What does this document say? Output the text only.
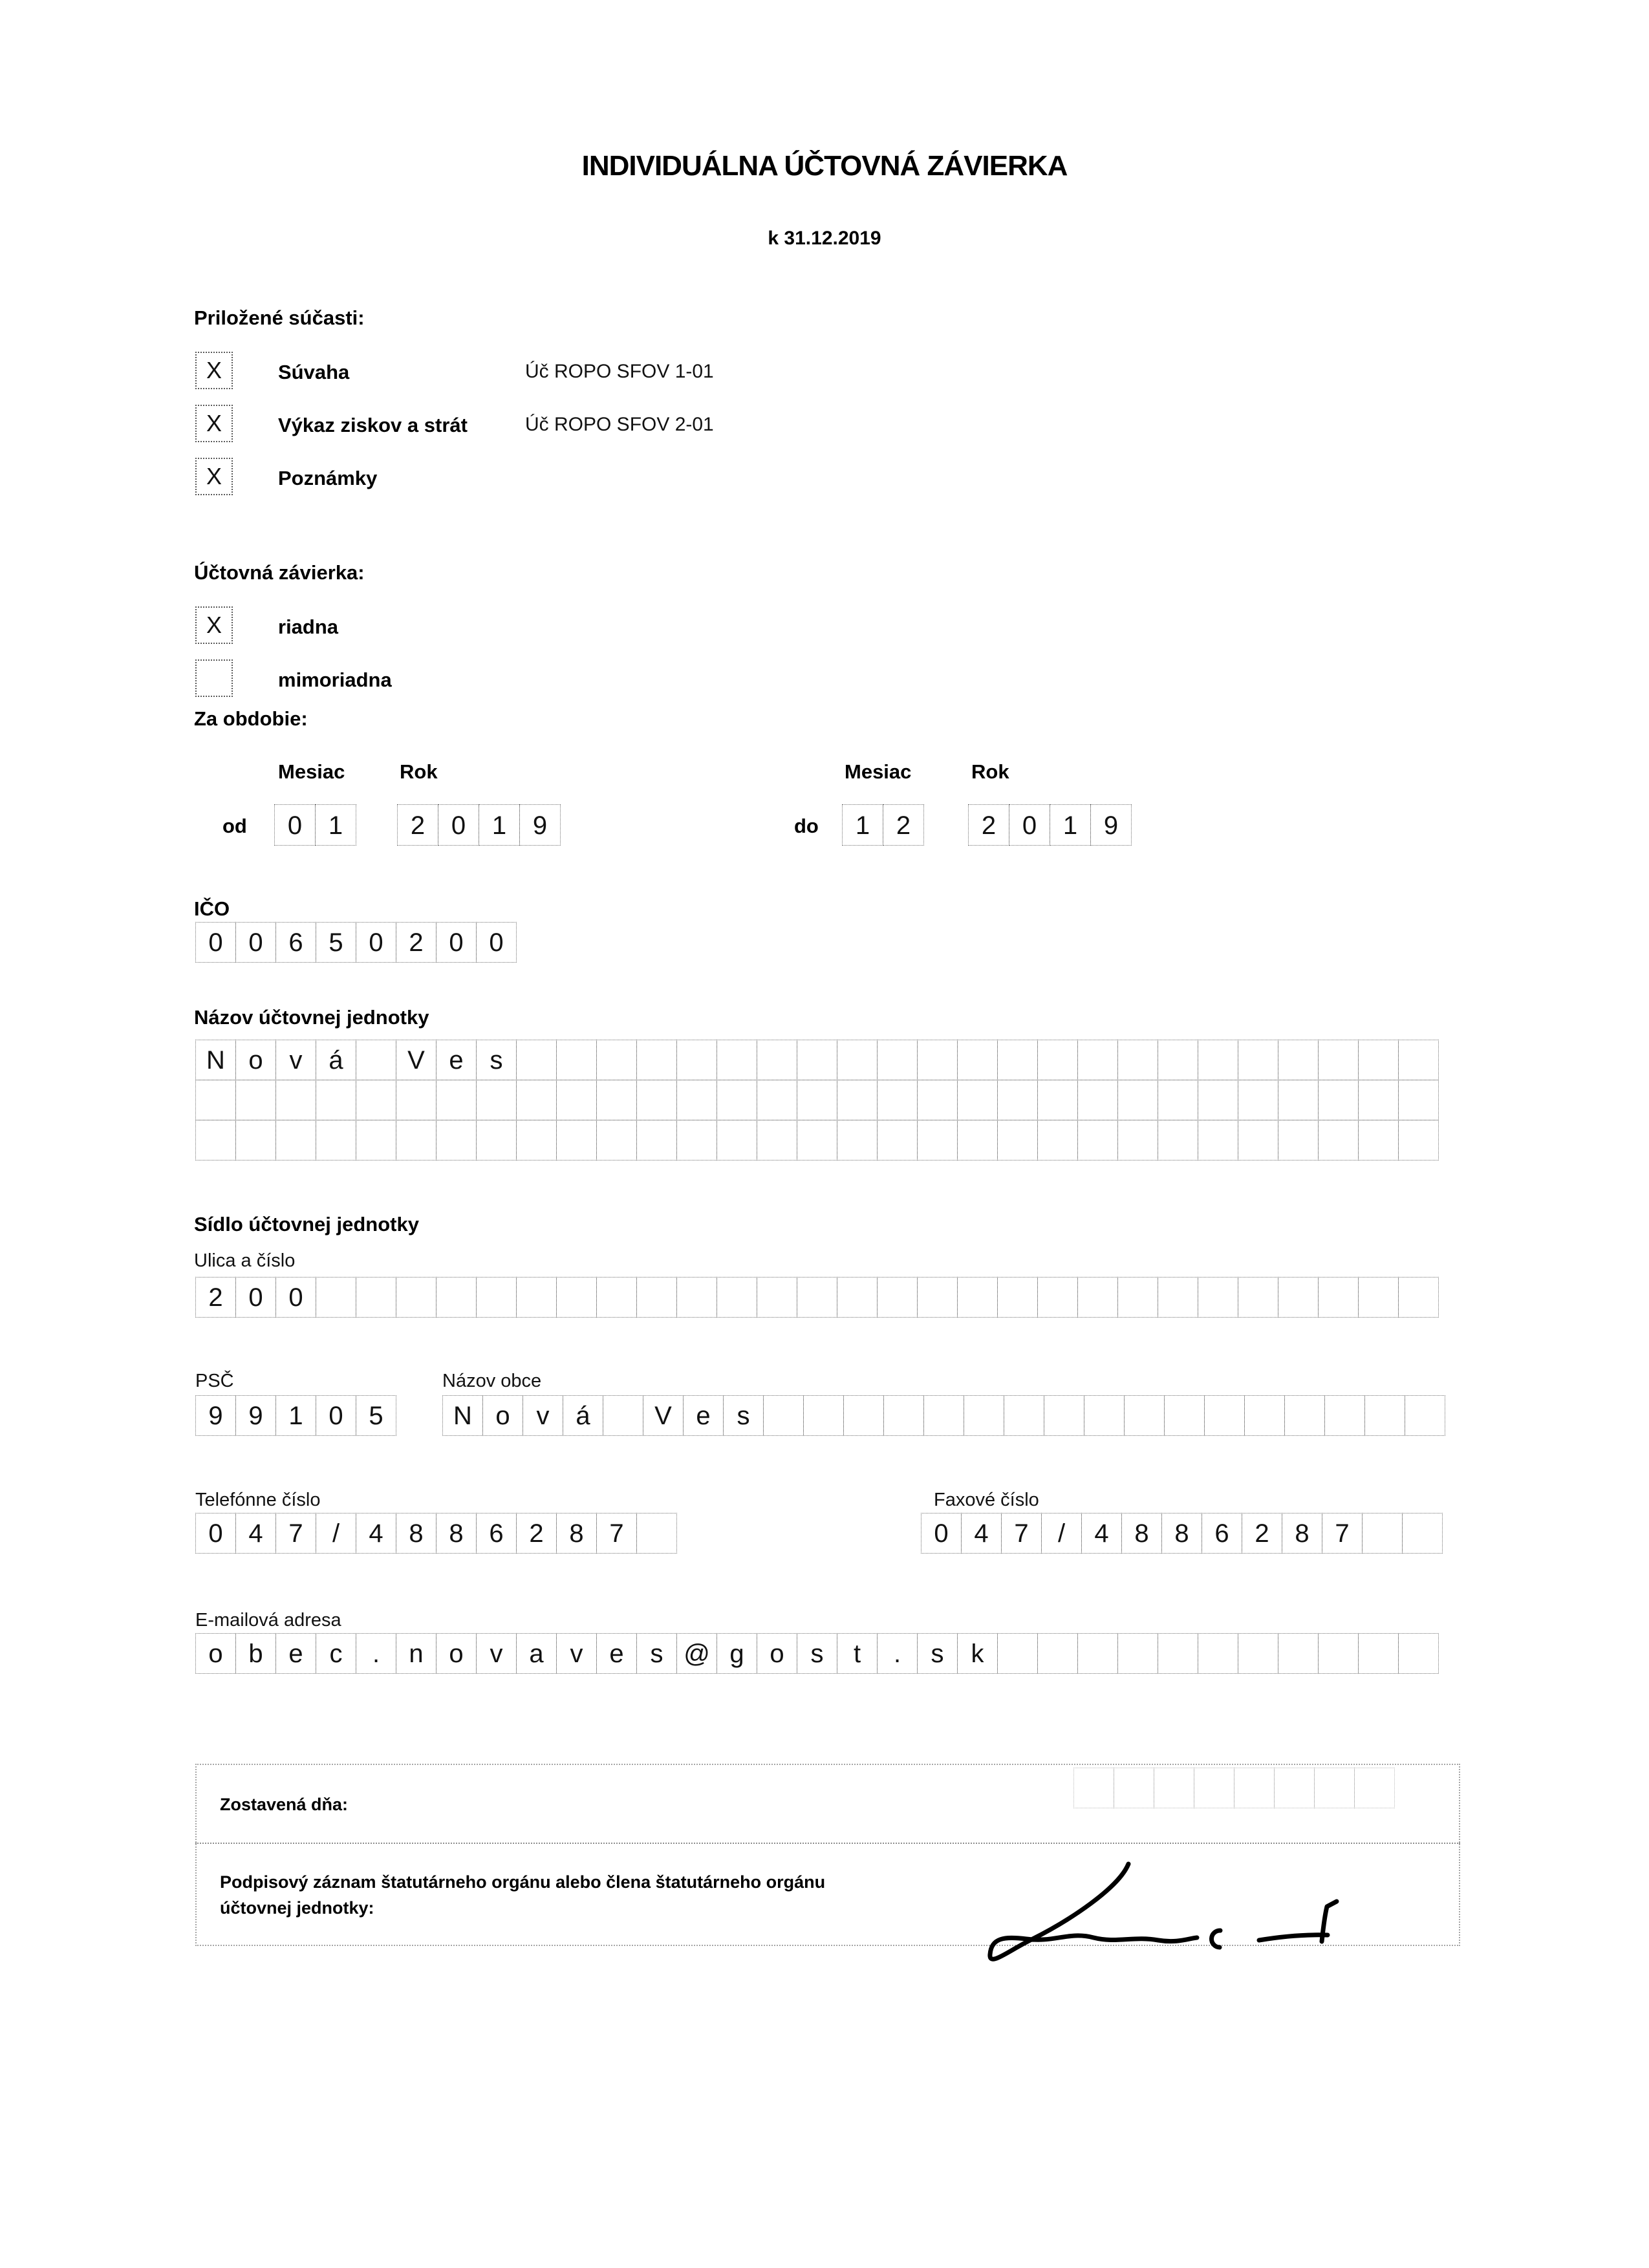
INDIVIDUÁLNA ÚČTOVNÁ ZÁVIERKA
k 31.12.2019
Priložené súčasti:
X	Súvaha	Úč ROPO SFOV 1-01
X	Výkaz ziskov a strát	Úč ROPO SFOV 2-01
X	Poznámky
Účtovná závierka:
X	riadna
mimoriadna
Za obdobie:
Mesiac	Rok	Mesiac	Rok
od	0	1	2	0	1	9	do	1	2	2	0	1	9
IČO
0 0 6 5 0 2 0 0
Názov účtovnej jednotky
N o	v	á	V e	s
Sídlo účtovnej jednotky
Ulica a číslo
2 0 0
PSČ	Názov obce
9 9 1 0 5	N o	v	á	V e	s
Telefónne číslo	Faxové číslo
0 4 7	/	4 8 8 6 2 8 7	0 4 7	/	4 8 8 6 2 8 7
E-mailová adresa
o b e	c	.	n o	v	a	v	e	s @ g o	s	t	.	s	k
Zostavená dňa:
Podpisový záznam štatutárneho orgánu alebo člena štatutárneho orgánu
účtovnej jednotky:
